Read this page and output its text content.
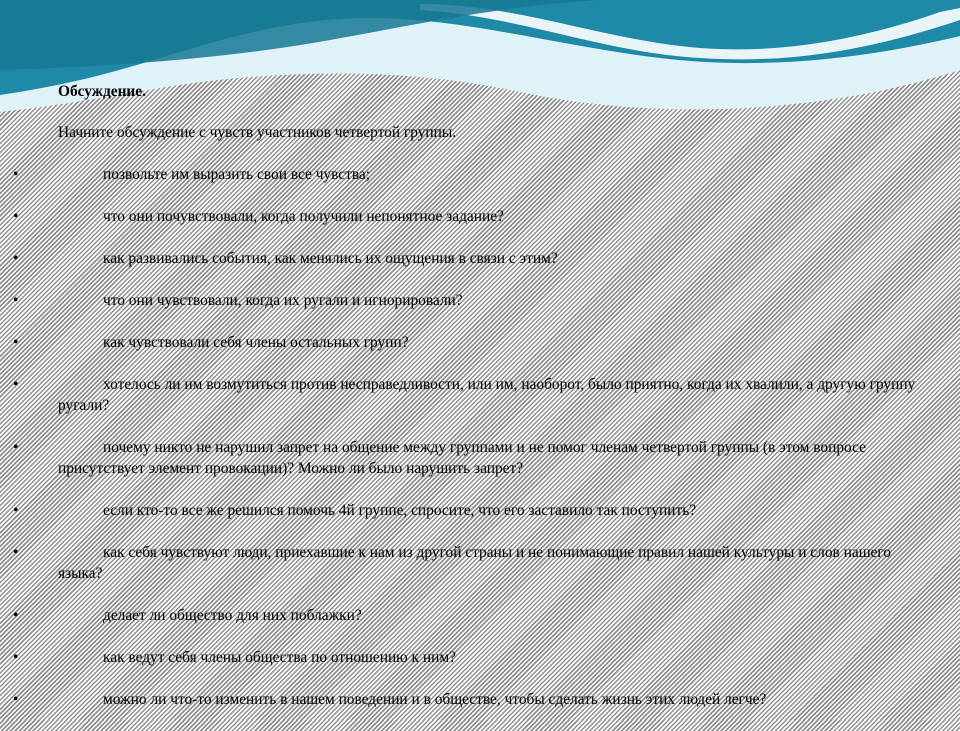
Обсуждение.
Начните обсуждение с чувств участников четвертой группы.
•	позвольте им выразить свои все чувства;
•	что они почувствовали, когда получили непонятное задание?
•	как развивались события, как менялись их ощущения в связи с этим?
•	что они чувствовали, когда их ругали и игнорировали?
•	как чувствовали себя члены остальных групп?
•	хотелось ли им возмутиться против несправедливости, или им, наоборот, было приятно, когда их хвалили, а другую группу ругали?
•	почему никто не нарушил запрет на общение между группами и не помог членам четвертой группы (в этом вопросе присутствует элемент провокации)? Можно ли было нарушить запрет?
•	если кто-то все же решился помочь 4й группе, спросите, что его заставило так поступить?
•	как себя чувствуют люди, приехавшие к нам из другой страны и не понимающие правил нашей культуры и слов нашего языка?
•	делает ли общество для них поблажки?
•	как ведут себя члены общества по отношению к ним?
•	можно ли что-то изменить в нашем поведении и в обществе, чтобы сделать жизнь этих людей легче?
